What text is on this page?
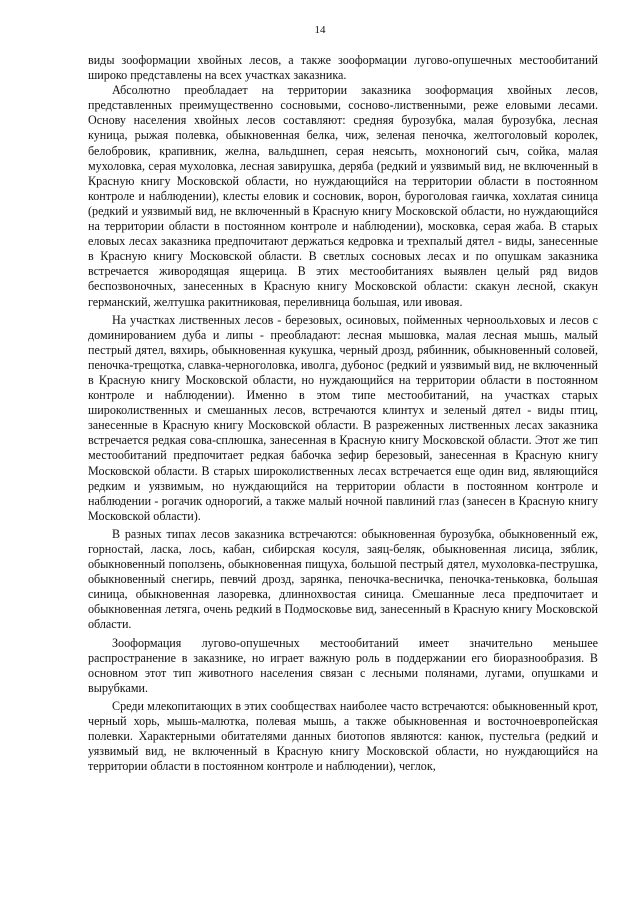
14

виды зоoформации хвойных лесов, а также зоoформации лугово-опушечных местообитаний широко представлены на всех участках заказника.

Абсолютно преобладает на территории заказника зоoформация хвойных лесов, представленных преимущественно сосновыми, сосново-лиственными, реже еловыми лесами. Основу населения хвойных лесов составляют: средняя бурозубка, малая бурозубка, лесная куница, рыжая полевка, обыкновенная белка, чиж, зеленая пеночка, желтоголовый королек, белобровик, крапивник, желна, вальдшнеп, серая неясыть, мохноногий сыч, сойка, малая мухоловка, серая мухоловка, лесная завирушка, деряба (редкий и уязвимый вид, не включенный в Красную книгу Московской области, но нуждающийся на территории области в постоянном контроле и наблюдении), клесты еловик и сосновик, ворон, буроголовая гаичка, хохлатая синица (редкий и уязвимый вид, не включенный в Красную книгу Московской области, но нуждающийся на территории области в постоянном контроле и наблюдении), московка, серая жаба. В старых еловых лесах заказника предпочитают держаться кедровка и трехпалый дятел - виды, занесенные в Красную книгу Московской области. В светлых сосновых лесах и по опушкам заказника встречается живородящая ящерица. В этих местообитаниях выявлен целый ряд видов беспозвоночных, занесенных в Красную книгу Московской области: скакун лесной, скакун германский, желтушка ракитниковая, переливница большая, или ивовая.

На участках лиственных лесов - березовых, осиновых, пойменных черноольховых и лесов с доминированием дуба и липы - преобладают: лесная мышовка, малая лесная мышь, малый пестрый дятел, вяхирь, обыкновенная кукушка, черный дрозд, рябинник, обыкновенный соловей, пеночка-трещотка, славка-черноголовка, иволга, дубонос (редкий и уязвимый вид, не включенный в Красную книгу Московской области, но нуждающийся на территории области в постоянном контроле и наблюдении). Именно в этом типе местообитаний, на участках старых широколиственных и смешанных лесов, встречаются клинтух и зеленый дятел - виды птиц, занесенные в Красную книгу Московской области. В разреженных лиственных лесах заказника встречается редкая сова-сплюшка, занесенная в Красную книгу Московской области. Этот же тип местообитаний предпочитает редкая бабочка зефир березовый, занесенная в Красную книгу Московской области. В старых широколиственных лесах встречается еще один вид, являющийся редким и уязвимым, но нуждающийся на территории области в постоянном контроле и наблюдении - рогачик однорогий, а также малый ночной павлиний глаз (занесен в Красную книгу Московской области).

В разных типах лесов заказника встречаются: обыкновенная бурозубка, обыкновенный еж, горностай, ласка, лось, кабан, сибирская косуля, заяц-беляк, обыкновенная лисица, зяблик, обыкновенный поползень, обыкновенная пищуха, большой пестрый дятел, мухоловка-пеструшка, обыкновенный снегирь, певчий дрозд, зарянка, пеночка-весничка, пеночка-теньковка, большая синица, обыкновенная лазоревка, длиннохвостая синица. Смешанные леса предпочитает и обыкновенная летяга, очень редкий в Подмосковье вид, занесенный в Красную книгу Московской области.

Зоoформация лугово-опушечных местообитаний имеет значительно меньшее распространение в заказнике, но играет важную роль в поддержании его биоразнообразия. В основном этот тип животного населения связан с лесными полянами, лугами, опушками и вырубками.

Среди млекопитающих в этих сообществах наиболее часто встречаются: обыкновенный крот, черный хорь, мышь-малютка, полевая мышь, а также обыкновенная и восточноевропейская полевки. Характерными обитателями данных биотопов являются: канюк, пустельга (редкий и уязвимый вид, не включенный в Красную книгу Московской области, но нуждающийся на территории области в постоянном контроле и наблюдении), чеглок,
